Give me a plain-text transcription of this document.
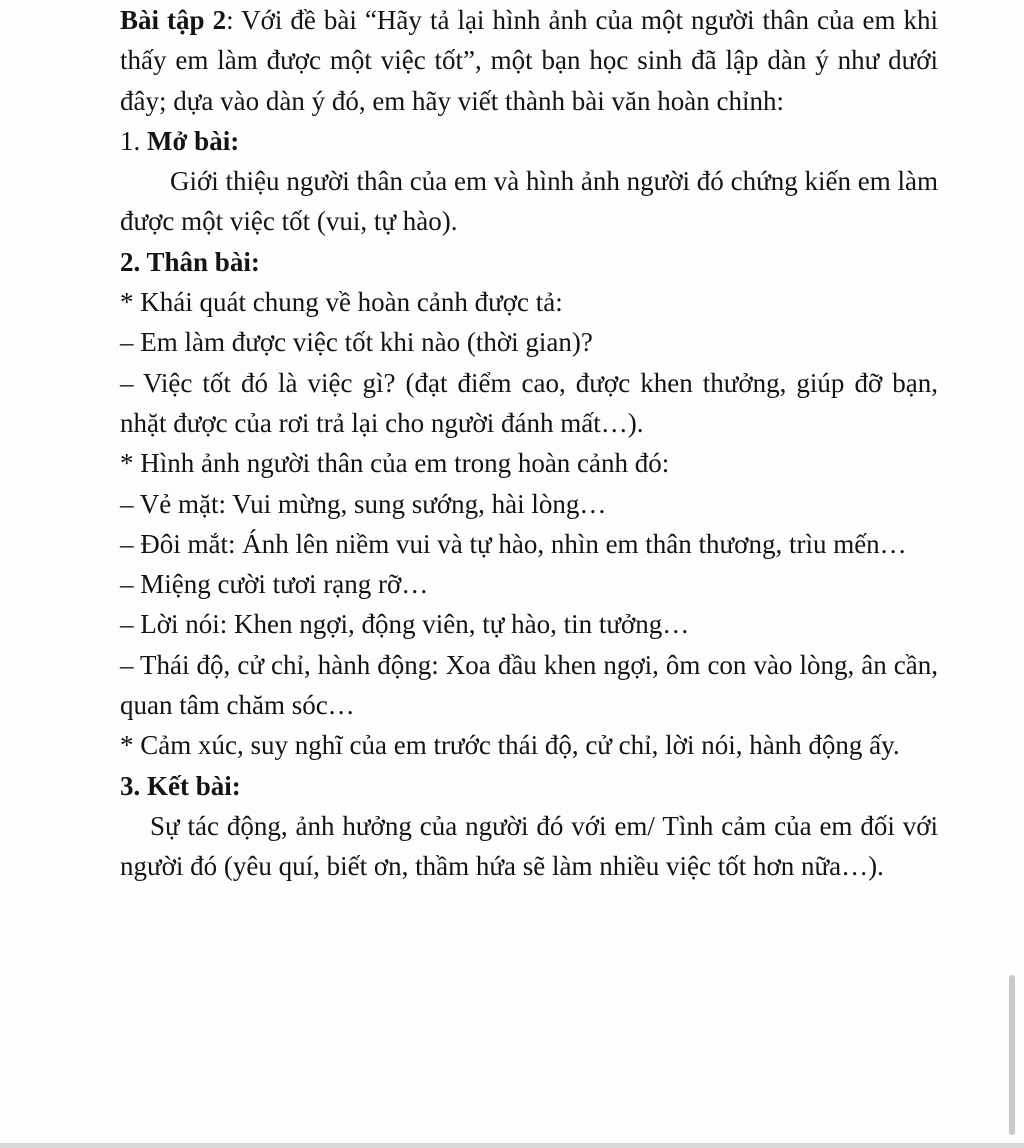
Bài tập 2: Với đề bài “Hãy tả lại hình ảnh của một người thân của em khi thấy em làm được một việc tốt”, một bạn học sinh đã lập dàn ý như dưới đây; dựa vào dàn ý đó, em hãy viết thành bài văn hoàn chỉnh:

1. Mở bài:

Giới thiệu người thân của em và hình ảnh người đó chứng kiến em làm được một việc tốt (vui, tự hào).

2. Thân bài:

* Khái quát chung về hoàn cảnh được tả:

– Em làm được việc tốt khi nào (thời gian)?

– Việc tốt đó là việc gì? (đạt điểm cao, được khen thưởng, giúp đỡ bạn, nhặt được của rơi trả lại cho người đánh mất…).

* Hình ảnh người thân của em trong hoàn cảnh đó:

– Vẻ mặt: Vui mừng, sung sướng, hài lòng…

– Đôi mắt: Ánh lên niềm vui và tự hào, nhìn em thân thương, trìu mến…

– Miệng cười tươi rạng rỡ…

– Lời nói: Khen ngợi, động viên, tự hào, tin tưởng…

– Thái độ, cử chỉ, hành động: Xoa đầu khen ngợi, ôm con vào lòng, ân cần, quan tâm chăm sóc…

* Cảm xúc, suy nghĩ của em trước thái độ, cử chỉ, lời nói, hành động ấy.

3. Kết bài:

Sự tác động, ảnh hưởng của người đó với em/ Tình cảm của em đối với người đó (yêu quí, biết ơn, thầm hứa sẽ làm nhiều việc tốt hơn nữa…).
